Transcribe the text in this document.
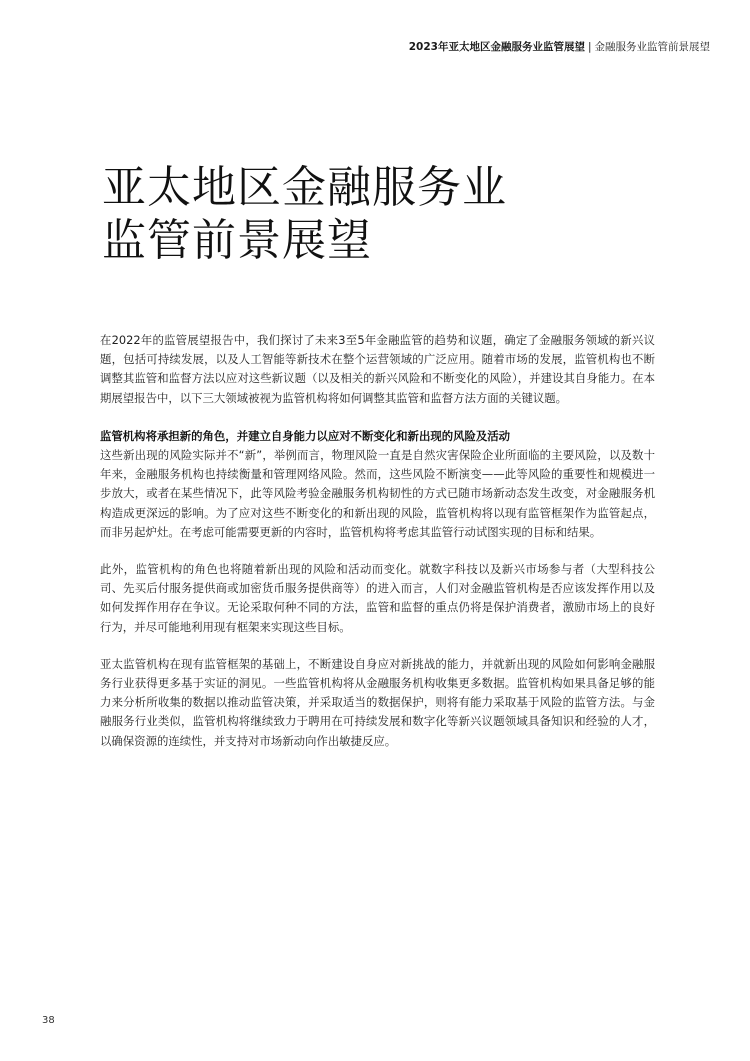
2023年亚太地区金融服务业监管展望 | 金融服务业监管前景展望
亚太地区金融服务业
监管前景展望

在2022年的监管展望报告中，我们探讨了未来3至5年金融监管的趋势和议题，确定了金融服务领域的新兴议题，包括可持续发展，以及人工智能等新技术在整个运营领域的广泛应用。随着市场的发展，监管机构也不断调整其监管和监督方法以应对这些新议题（以及相关的新兴风险和不断变化的风险），并建设其自身能力。在本期展望报告中，以下三大领域被视为监管机构将如何调整其监管和监督方法方面的关键议题。

监管机构将承担新的角色，并建立自身能力以应对不断变化和新出现的风险及活动

这些新出现的风险实际并不“新”，举例而言，物理风险一直是自然灾害保险企业所面临的主要风险，以及数十年来，金融服务机构也持续衡量和管理网络风险。然而，这些风险不断演变——此等风险的重要性和规模进一步放大，或者在某些情况下，此等风险考验金融服务机构韧性的方式已随市场新动态发生改变，对金融服务机构造成更深远的影响。为了应对这些不断变化的和新出现的风险，监管机构将以现有监管框架作为监管起点，而非另起炉灶。在考虑可能需要更新的内容时，监管机构将考虑其监管行动试图实现的目标和结果。

此外，监管机构的角色也将随着新出现的风险和活动而变化。就数字科技以及新兴市场参与者（大型科技公司、先买后付服务提供商或加密货币服务提供商等）的进入而言，人们对金融监管机构是否应该发挥作用以及如何发挥作用存在争议。无论采取何种不同的方法，监管和监督的重点仍将是保护消费者，激励市场上的良好行为，并尽可能地利用现有框架来实现这些目标。

亚太监管机构在现有监管框架的基础上，不断建设自身应对新挑战的能力，并就新出现的风险如何影响金融服务行业获得更多基于实证的洞见。一些监管机构将从金融服务机构收集更多数据。监管机构如果具备足够的能力来分析所收集的数据以推动监管决策，并采取适当的数据保护，则将有能力采取基于风险的监管方法。与金融服务行业类似，监管机构将继续致力于聘用在可持续发展和数字化等新兴议题领域具备知识和经验的人才，以确保资源的连续性，并支持对市场新动向作出敏捷反应。

38
